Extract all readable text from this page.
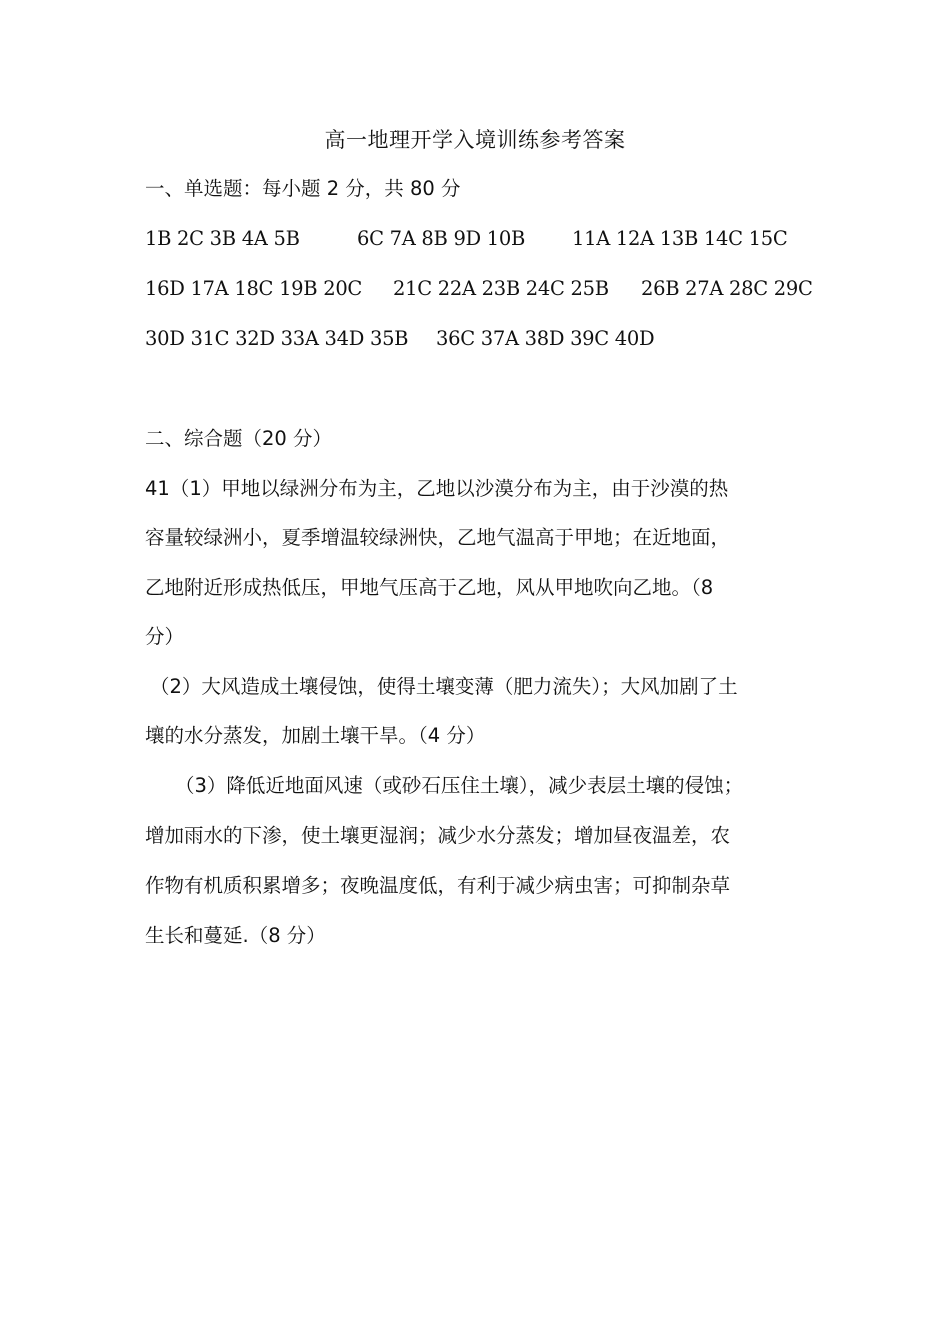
高一地理开学入境训练参考答案
一、单选题：每小题 2 分，共 80 分
1B 2C 3B 4A 5B	6C 7A 8B 9D 10B 11A 12A 13B 14C 15C
16D 17A 18C 19B 20C 21C 22A 23B 24C 25B 26B 27A 28C 29C
30D 31C 32D 33A 34D 35B 36C 37A 38D 39C 40D
二、综合题（20 分）
41（1）甲地以绿洲分布为主，乙地以沙漠分布为主，由于沙漠的热
容量较绿洲小，夏季增温较绿洲快，乙地气温高于甲地；在近地面，
乙地附近形成热低压，甲地气压高于乙地，风从甲地吹向乙地。（8
分）
（2）大风造成土壤侵蚀，使得土壤变薄（肥力流失）；大风加剧了土
壤的水分蒸发，加剧土壤干旱。（4 分）
（3）降低近地面风速（或砂石压住土壤），减少表层土壤的侵蚀；
增加雨水的下渗，使土壤更湿润；减少水分蒸发；增加昼夜温差，农
作物有机质积累增多；夜晚温度低，有利于减少病虫害；可抑制杂草
生长和蔓延.（8 分）
